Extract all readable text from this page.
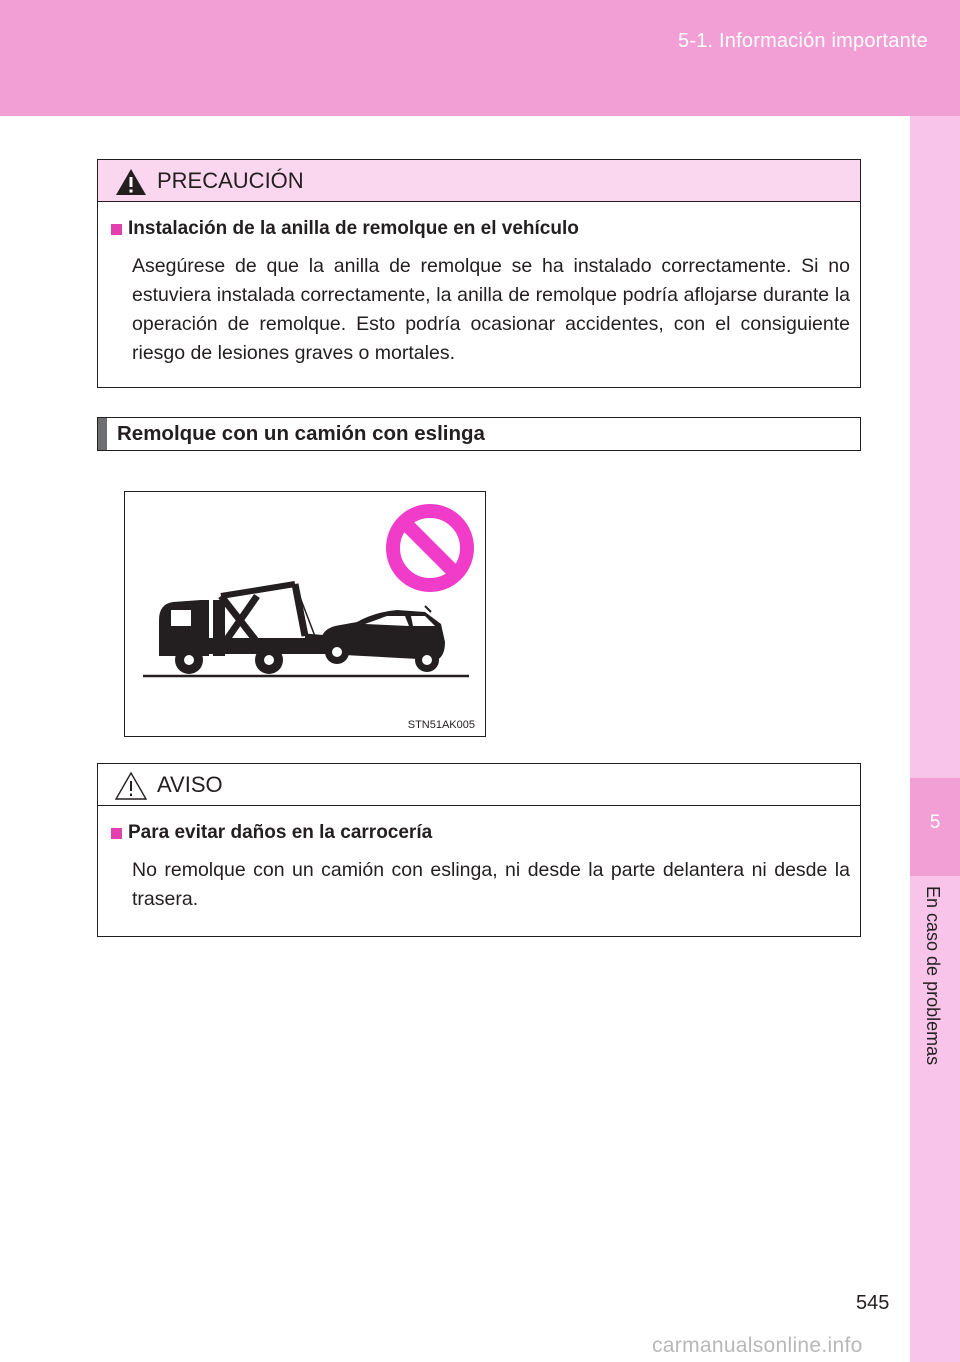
5-1. Información importante
5
En caso de problemas
PRECAUCIÓN
Instalación de la anilla de remolque en el vehículo

Asegúrese de que la anilla de remolque se ha instalado correctamente. Si no estuviera instalada correctamente, la anilla de remolque podría aflojarse durante la operación de remolque. Esto podría ocasionar accidentes, con el consiguiente riesgo de lesiones graves o mortales.

Remolque con un camión con eslinga
STN51AK005
AVISO
Para evitar daños en la carrocería

No remolque con un camión con eslinga, ni desde la parte delantera ni desde la trasera.

545
carmanualsonline.info
